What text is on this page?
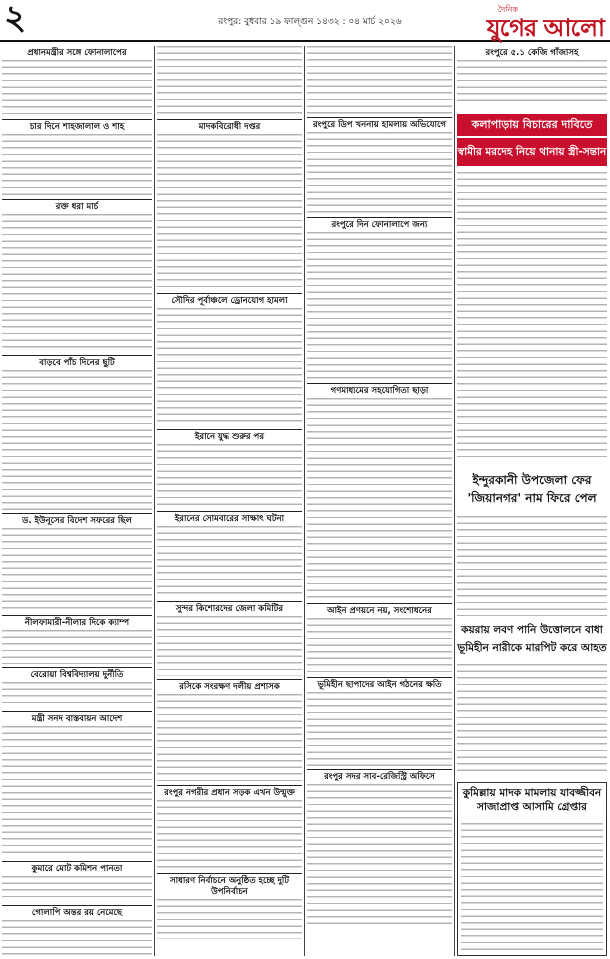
২	রংপুর: বুধবার ১৯ ফাল্গুন ১৪৩২ : ০৪ মার্চ ২০২৬
দৈনিক
যুগের আলো
প্রধানমন্ত্রীর সঙ্গে ফোনালাপের
চার দিনে শাহজালাল ও শাহ
রক্ত ধরা মার্চ
বাড়বে পাঁচ দিনের ছুটি
ড. ইউনূসের বিদেশ সফরের ছিল
নীলফামারী-নীলার দিকে ক্যাম্প
বেরোয়া বিশ্ববিদ্যালয় দুর্নীতি
মন্ত্রী সনদ বাস্তবায়ন আদেশ
কুমারে মোট কমিশন পানতা
গোলাপি অন্তর রয় নেমেছে
মাদকবিরোধী দপ্তর
সৌদির পূর্বাঞ্চলে ড্রোনযোগ হামলা
ইরানে যুদ্ধ শুরুর পর
ইরানের সোমবারের সাক্ষাৎ ঘটনা
সুন্দর কিশোরদের জেলা কমিটির
রসিকে সংরক্ষণ দলীয় প্রশাসক
রংপুর নগরীর প্রধান সড়ক এখন উন্মুক্ত
সাধারণ নির্বাচনে অনুষ্ঠিত হচ্ছে দুটি উপনির্বাচন
রংপুরে ডিপ খননায় হামলায় অভিযোগে
রংপুরে দিন ফোনালাপে জন্য
গণমাধ্যমের সহযোগিতা ছাড়া
আইন প্রণয়নে নয়, সংশোধনের
ভূমিহীন ছাপাদের আইন গঠনের ক্ষতি
রংপুর সদর সাব-রেজিস্ট্রি অফিসে
রংপুরে ৫.১ কেজি গাঁজাসহ
কলাপাড়ায় বিচারের দাবিতে
স্বামীর মরদেহ নিয়ে থানায় স্ত্রী-সন্তান
ইন্দুরকানী উপজেলা ফের
'জিয়ানগর' নাম ফিরে পেল
কয়রায় লবণ পানি উত্তোলনে বাধা
ভূমিহীন নারীকে মারপিট করে আহত
কুমিল্লায় মাদক মামলায় যাবজ্জীবন
সাজাপ্রাপ্ত আসামি গ্রেপ্তার
